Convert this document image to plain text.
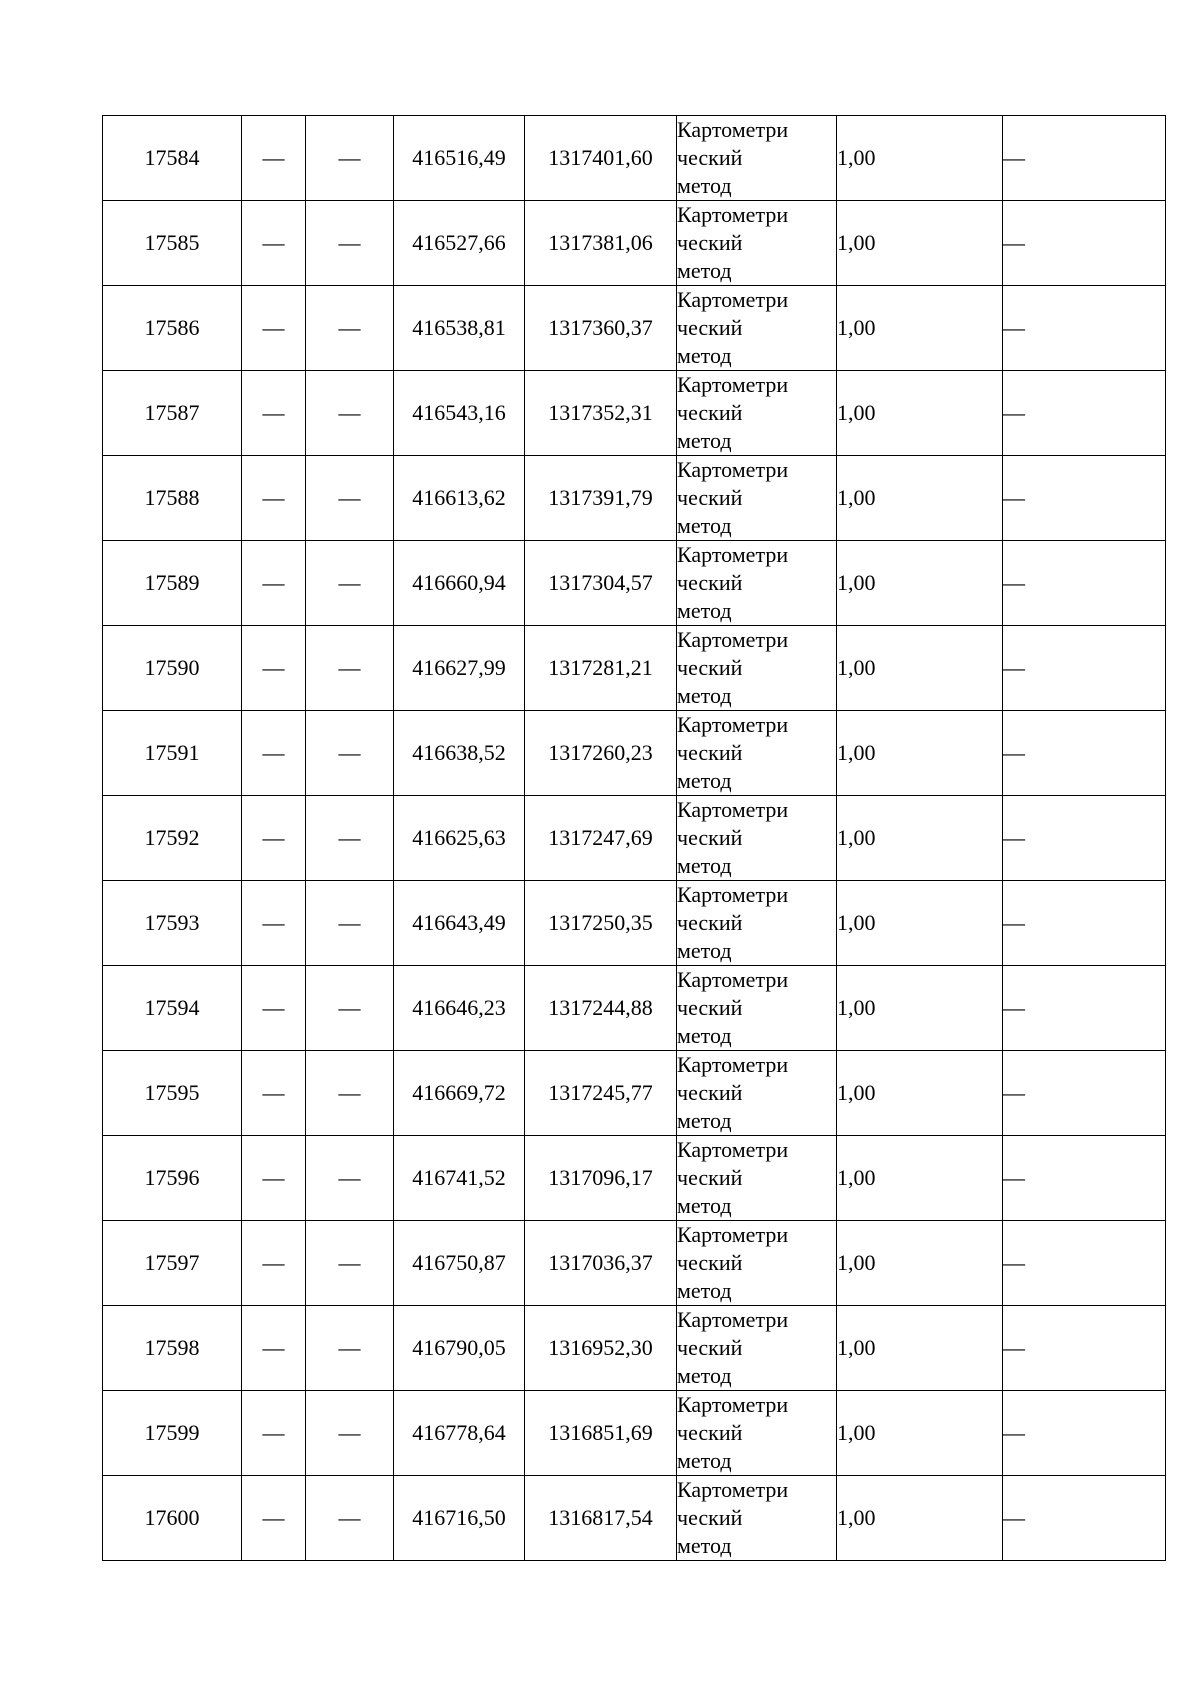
17584	—	—	416516,49	1317401,60	Картометри
ческий
метод	1,00	—
17585	—	—	416527,66	1317381,06	Картометри
ческий
метод	1,00	—
17586	—	—	416538,81	1317360,37	Картометри
ческий
метод	1,00	—
17587	—	—	416543,16	1317352,31	Картометри
ческий
метод	1,00	—
17588	—	—	416613,62	1317391,79	Картометри
ческий
метод	1,00	—
17589	—	—	416660,94	1317304,57	Картометри
ческий
метод	1,00	—
17590	—	—	416627,99	1317281,21	Картометри
ческий
метод	1,00	—
17591	—	—	416638,52	1317260,23	Картометри
ческий
метод	1,00	—
17592	—	—	416625,63	1317247,69	Картометри
ческий
метод	1,00	—
17593	—	—	416643,49	1317250,35	Картометри
ческий
метод	1,00	—
17594	—	—	416646,23	1317244,88	Картометри
ческий
метод	1,00	—
17595	—	—	416669,72	1317245,77	Картометри
ческий
метод	1,00	—
17596	—	—	416741,52	1317096,17	Картометри
ческий
метод	1,00	—
17597	—	—	416750,87	1317036,37	Картометри
ческий
метод	1,00	—
17598	—	—	416790,05	1316952,30	Картометри
ческий
метод	1,00	—
17599	—	—	416778,64	1316851,69	Картометри
ческий
метод	1,00	—
17600	—	—	416716,50	1316817,54	Картометри
ческий
метод	1,00	—
